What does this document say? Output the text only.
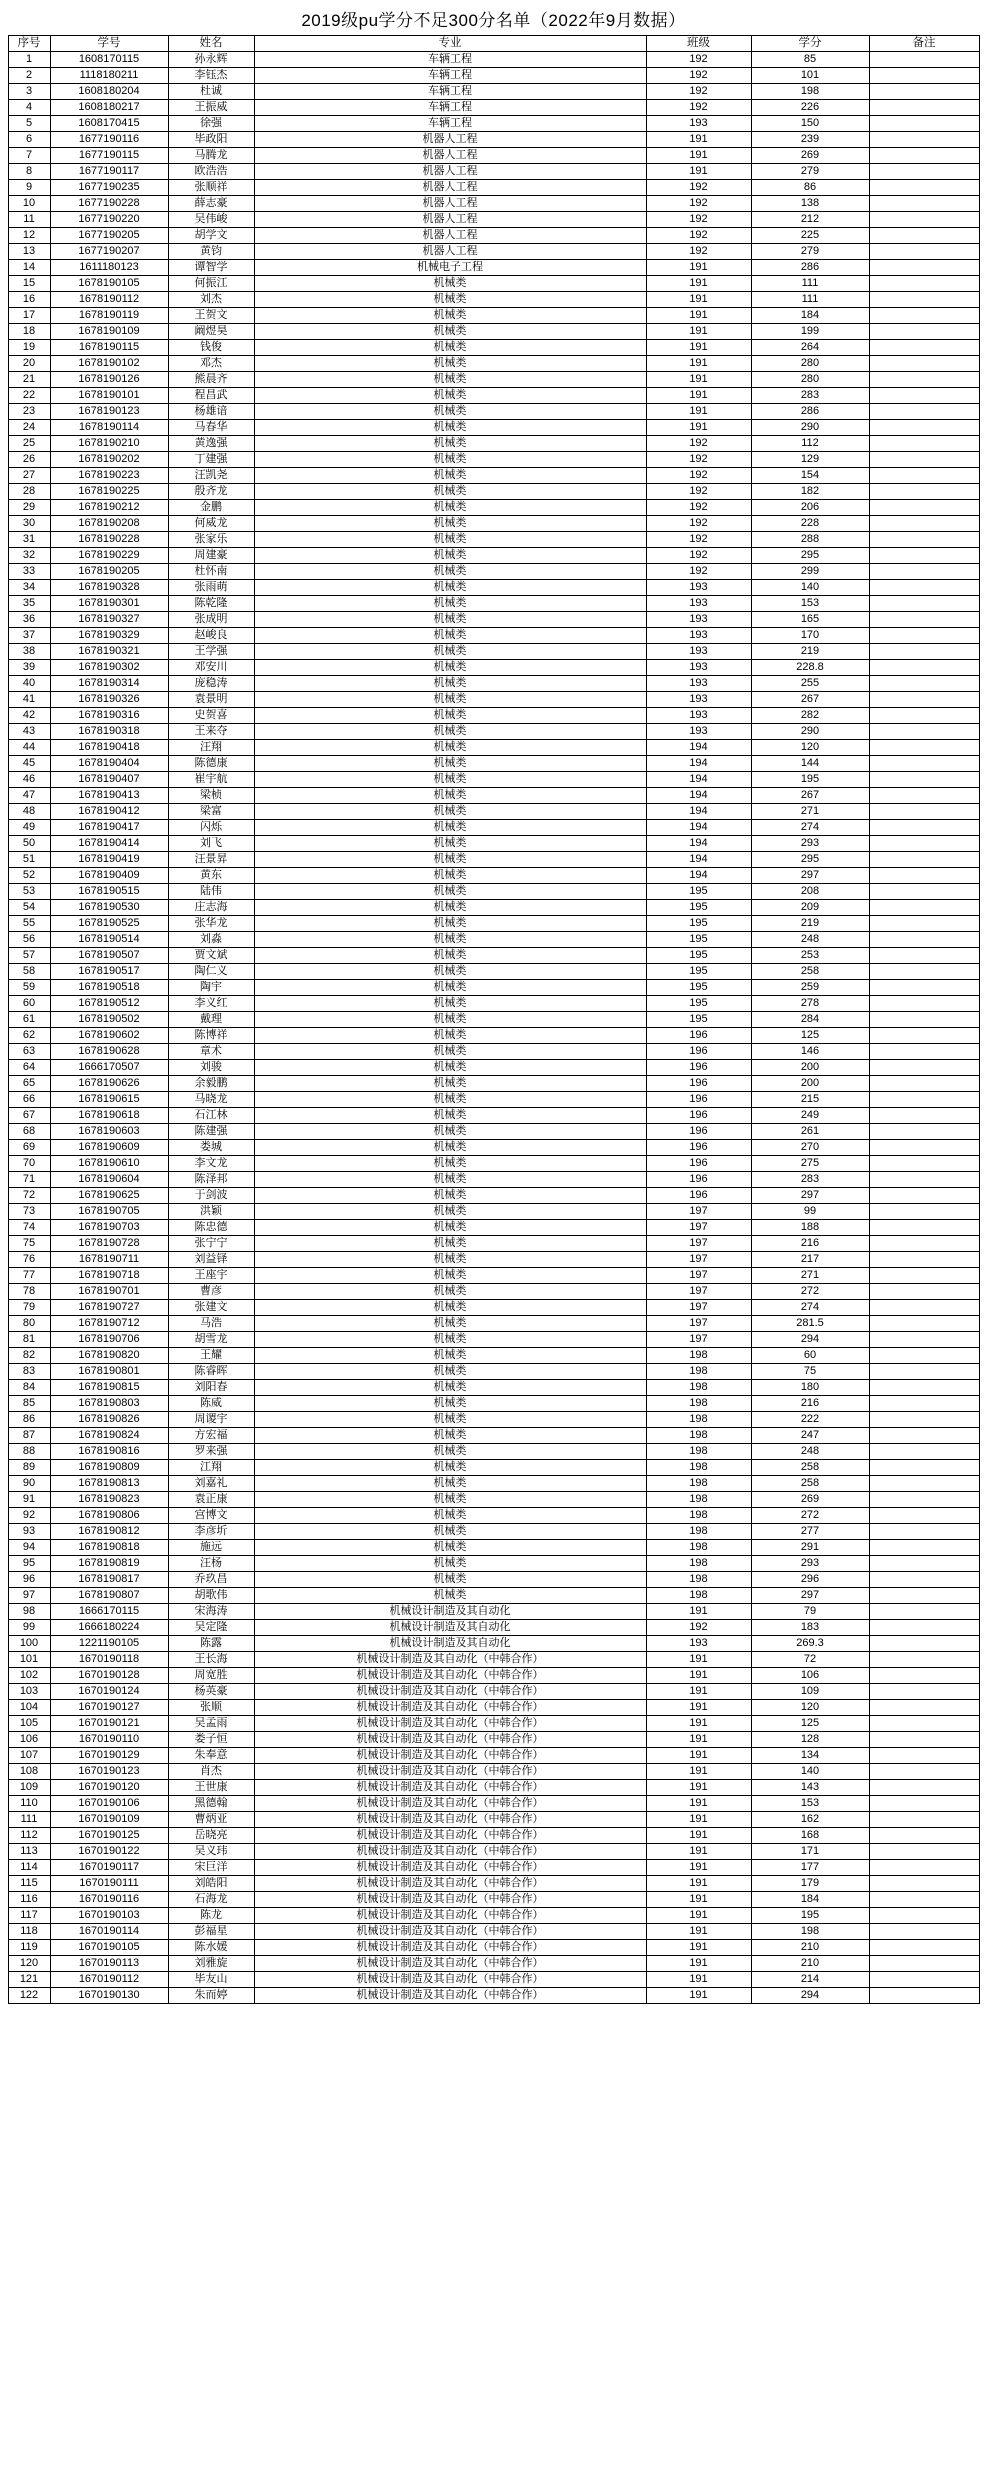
2019级pu学分不足300分名单（2022年9月数据）
序号	学号	姓名	专业	班级	学分	备注
1	1608170115	孙永辉	车辆工程	192	85	
2	1118180211	李钰杰	车辆工程	192	101	
3	1608180204	杜诚	车辆工程	192	198	
4	1608180217	王振威	车辆工程	192	226	
5	1608170415	徐强	车辆工程	193	150	
6	1677190116	毕政阳	机器人工程	191	239	
7	1677190115	马腾龙	机器人工程	191	269	
8	1677190117	欧浩浩	机器人工程	191	279	
9	1677190235	张顺祥	机器人工程	192	86	
10	1677190228	薛志豪	机器人工程	192	138	
11	1677190220	吴伟峻	机器人工程	192	212	
12	1677190205	胡学文	机器人工程	192	225	
13	1677190207	黄钧	机器人工程	192	279	
14	1611180123	谭智学	机械电子工程	191	286	
15	1678190105	何振江	机械类	191	111	
16	1678190112	刘杰	机械类	191	111	
17	1678190119	王贺文	机械类	191	184	
18	1678190109	阚煜昊	机械类	191	199	
19	1678190115	钱俊	机械类	191	264	
20	1678190102	邓杰	机械类	191	280	
21	1678190126	熊晨齐	机械类	191	280	
22	1678190101	程昌武	机械类	191	283	
23	1678190123	杨雄谙	机械类	191	286	
24	1678190114	马春华	机械类	191	290	
25	1678190210	黄逸强	机械类	192	112	
26	1678190202	丁建强	机械类	192	129	
27	1678190223	汪凯尧	机械类	192	154	
28	1678190225	殷齐龙	机械类	192	182	
29	1678190212	金鹏	机械类	192	206	
30	1678190208	何威龙	机械类	192	228	
31	1678190228	张家乐	机械类	192	288	
32	1678190229	周建豪	机械类	192	295	
33	1678190205	杜怀南	机械类	192	299	
34	1678190328	张雨萌	机械类	193	140	
35	1678190301	陈乾隆	机械类	193	153	
36	1678190327	张成明	机械类	193	165	
37	1678190329	赵峻良	机械类	193	170	
38	1678190321	王学强	机械类	193	219	
39	1678190302	邓安川	机械类	193	228.8	
40	1678190314	庞稳涛	机械类	193	255	
41	1678190326	袁景明	机械类	193	267	
42	1678190316	史贺喜	机械类	193	282	
43	1678190318	王来夺	机械类	193	290	
44	1678190418	汪翔	机械类	194	120	
45	1678190404	陈德康	机械类	194	144	
46	1678190407	崔宇航	机械类	194	195	
47	1678190413	梁桢	机械类	194	267	
48	1678190412	梁富	机械类	194	271	
49	1678190417	闪烁	机械类	194	274	
50	1678190414	刘飞	机械类	194	293	
51	1678190419	汪景昇	机械类	194	295	
52	1678190409	黄东	机械类	194	297	
53	1678190515	陆伟	机械类	195	208	
54	1678190530	庄志海	机械类	195	209	
55	1678190525	张华龙	机械类	195	219	
56	1678190514	刘淼	机械类	195	248	
57	1678190507	贾文斌	机械类	195	253	
58	1678190517	陶仁义	机械类	195	258	
59	1678190518	陶宇	机械类	195	259	
60	1678190512	李义红	机械类	195	278	
61	1678190502	戴理	机械类	195	284	
62	1678190602	陈博祥	机械类	196	125	
63	1678190628	章术	机械类	196	146	
64	1666170507	刘骏	机械类	196	200	
65	1678190626	余毅鹏	机械类	196	200	
66	1678190615	马晓龙	机械类	196	215	
67	1678190618	石江林	机械类	196	249	
68	1678190603	陈建强	机械类	196	261	
69	1678190609	娄城	机械类	196	270	
70	1678190610	李文龙	机械类	196	275	
71	1678190604	陈泽邦	机械类	196	283	
72	1678190625	于剑波	机械类	196	297	
73	1678190705	洪颖	机械类	197	99	
74	1678190703	陈忠德	机械类	197	188	
75	1678190728	张宁宁	机械类	197	216	
76	1678190711	刘益铎	机械类	197	217	
77	1678190718	王座宇	机械类	197	271	
78	1678190701	曹彦	机械类	197	272	
79	1678190727	张建文	机械类	197	274	
80	1678190712	马浩	机械类	197	281.5	
81	1678190706	胡雪龙	机械类	197	294	
82	1678190820	王耀	机械类	198	60	
83	1678190801	陈睿晖	机械类	198	75	
84	1678190815	刘阳春	机械类	198	180	
85	1678190803	陈威	机械类	198	216	
86	1678190826	周谡宇	机械类	198	222	
87	1678190824	方宏福	机械类	198	247	
88	1678190816	罗来强	机械类	198	248	
89	1678190809	江翔	机械类	198	258	
90	1678190813	刘嘉礼	机械类	198	258	
91	1678190823	袁正康	机械类	198	269	
92	1678190806	宫博文	机械类	198	272	
93	1678190812	李彦圻	机械类	198	277	
94	1678190818	施远	机械类	198	291	
95	1678190819	汪杨	机械类	198	293	
96	1678190817	乔玖昌	机械类	198	296	
97	1678190807	胡歌伟	机械类	198	297	
98	1666170115	宋海涛	机械设计制造及其自动化	191	79	
99	1666180224	吴定隆	机械设计制造及其自动化	192	183	
100	1221190105	陈露	机械设计制造及其自动化	193	269.3	
101	1670190118	王长海	机械设计制造及其自动化（中韩合作）	191	72	
102	1670190128	周宽胜	机械设计制造及其自动化（中韩合作）	191	106	
103	1670190124	杨英豪	机械设计制造及其自动化（中韩合作）	191	109	
104	1670190127	张顺	机械设计制造及其自动化（中韩合作）	191	120	
105	1670190121	吴孟雨	机械设计制造及其自动化（中韩合作）	191	125	
106	1670190110	娄子恒	机械设计制造及其自动化（中韩合作）	191	128	
107	1670190129	朱奉意	机械设计制造及其自动化（中韩合作）	191	134	
108	1670190123	肖杰	机械设计制造及其自动化（中韩合作）	191	140	
109	1670190120	王世康	机械设计制造及其自动化（中韩合作）	191	143	
110	1670190106	黑德翰	机械设计制造及其自动化（中韩合作）	191	153	
111	1670190109	曹炳亚	机械设计制造及其自动化（中韩合作）	191	162	
112	1670190125	岳晓亮	机械设计制造及其自动化（中韩合作）	191	168	
113	1670190122	吴义玮	机械设计制造及其自动化（中韩合作）	191	171	
114	1670190117	宋巨洋	机械设计制造及其自动化（中韩合作）	191	177	
115	1670190111	刘皓阳	机械设计制造及其自动化（中韩合作）	191	179	
116	1670190116	石海龙	机械设计制造及其自动化（中韩合作）	191	184	
117	1670190103	陈龙	机械设计制造及其自动化（中韩合作）	191	195	
118	1670190114	彭福星	机械设计制造及其自动化（中韩合作）	191	198	
119	1670190105	陈水媛	机械设计制造及其自动化（中韩合作）	191	210	
120	1670190113	刘雅旋	机械设计制造及其自动化（中韩合作）	191	210	
121	1670190112	毕友山	机械设计制造及其自动化（中韩合作）	191	214	
122	1670190130	朱而婷	机械设计制造及其自动化（中韩合作）	191	294	
